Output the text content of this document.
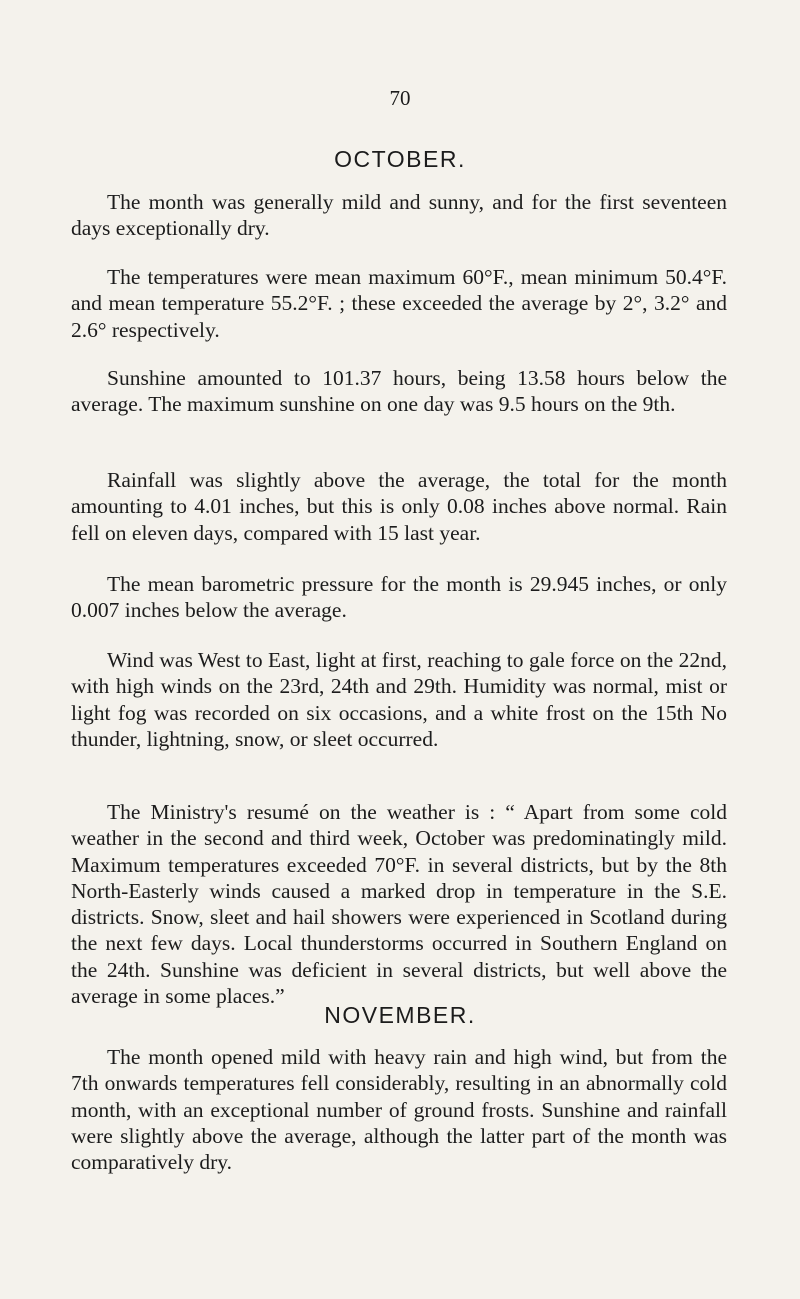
70
OCTOBER.

The month was generally mild and sunny, and for the first seventeen days exceptionally dry.

The temperatures were mean maximum 60°F., mean minimum 50.4°F. and mean temperature 55.2°F. ; these exceeded the average by 2°, 3.2° and 2.6° respectively.

Sunshine amounted to 101.37 hours, being 13.58 hours below the average. The maximum sunshine on one day was 9.5 hours on the 9th.

Rainfall was slightly above the average, the total for the month amounting to 4.01 inches, but this is only 0.08 inches above normal. Rain fell on eleven days, compared with 15 last year.

The mean barometric pressure for the month is 29.945 inches, or only 0.007 inches below the average.

Wind was West to East, light at first, reaching to gale force on the 22nd, with high winds on the 23rd, 24th and 29th. Humidity was normal, mist or light fog was recorded on six occasions, and a white frost on the 15th No thunder, lightning, snow, or sleet occurred.

The Ministry's resumé on the weather is : “ Apart from some cold weather in the second and third week, October was predominatingly mild. Maximum temperatures exceeded 70°F. in several districts, but by the 8th North-Easterly winds caused a marked drop in temperature in the S.E. districts. Snow, sleet and hail showers were experienced in Scotland during the next few days. Local thunderstorms occurred in Southern England on the 24th. Sunshine was deficient in several districts, but well above the average in some places.”

NOVEMBER.

The month opened mild with heavy rain and high wind, but from the 7th onwards temperatures fell considerably, resulting in an abnormally cold month, with an exceptional number of ground frosts. Sunshine and rainfall were slightly above the average, although the latter part of the month was comparatively dry.
